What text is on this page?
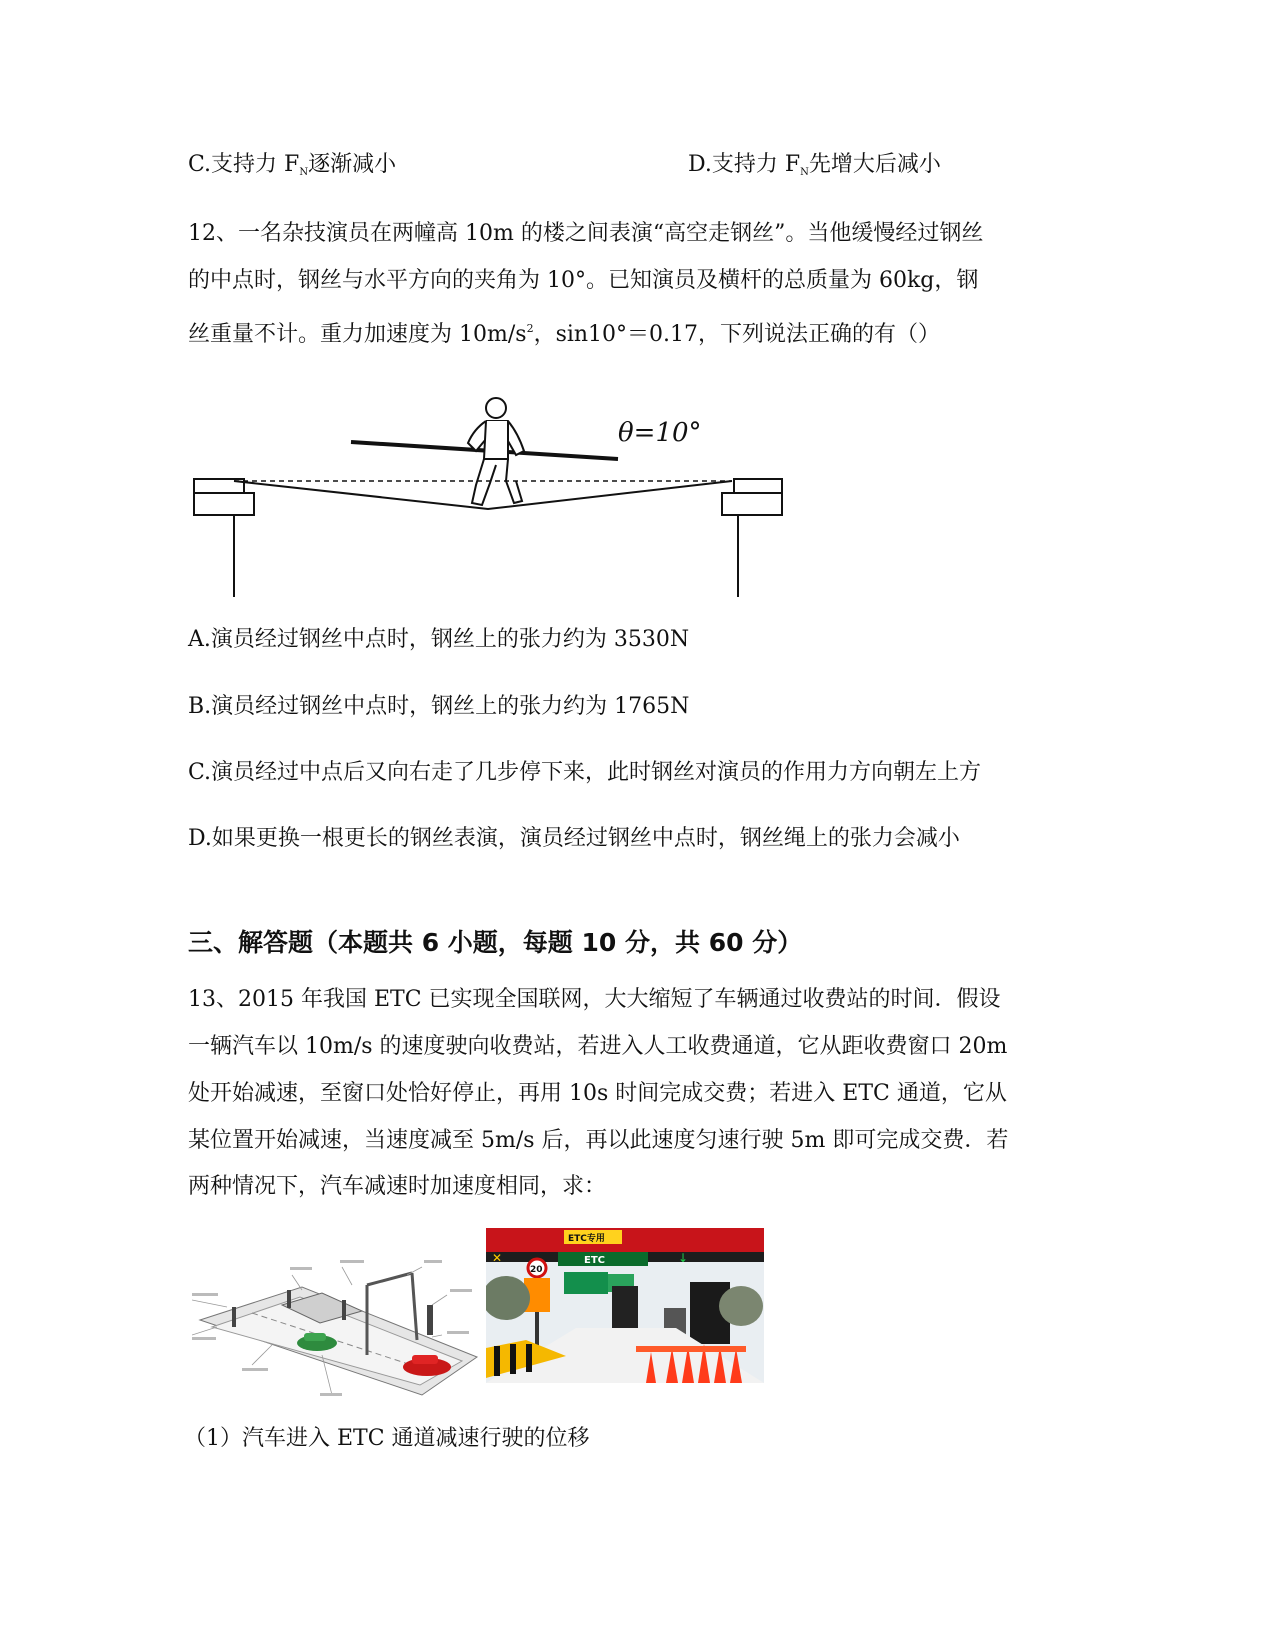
C.支持力 $F_N$逐渐减小	D.支持力 $F_N$先增大后减小
12、一名杂技演员在两幢高 10m 的楼之间表演“高空走钢丝”。当他缓慢经过钢丝
的中点时，钢丝与水平方向的夹角为 10°。已知演员及横杆的总质量为 60kg，钢
丝重量不计。重力加速度为 $10m/s^2$，sin10°＝0.17，下列说法正确的有（）
θ=10°
A.演员经过钢丝中点时，钢丝上的张力约为 3530N
B.演员经过钢丝中点时，钢丝上的张力约为 1765N
C.演员经过中点后又向右走了几步停下来，此时钢丝对演员的作用力方向朝左上方
D.如果更换一根更长的钢丝表演，演员经过钢丝中点时，钢丝绳上的张力会减小
三、解答题（本题共 6 小题，每题 10 分，共 60 分）
13、2015 年我国 ETC 已实现全国联网，大大缩短了车辆通过收费站的时间．假设
一辆汽车以 10m/s 的速度驶向收费站，若进入人工收费通道，它从距收费窗口 20m
处开始减速，至窗口处恰好停止，再用 10s 时间完成交费；若进入 ETC 通道，它从
某位置开始减速，当速度减至 5m/s 后，再以此速度匀速行驶 5m 即可完成交费．若
两种情况下，汽车减速时加速度相同，求：
ETC专用
✕	↓
ETC
20
（1）汽车进入 ETC 通道减速行驶的位移
